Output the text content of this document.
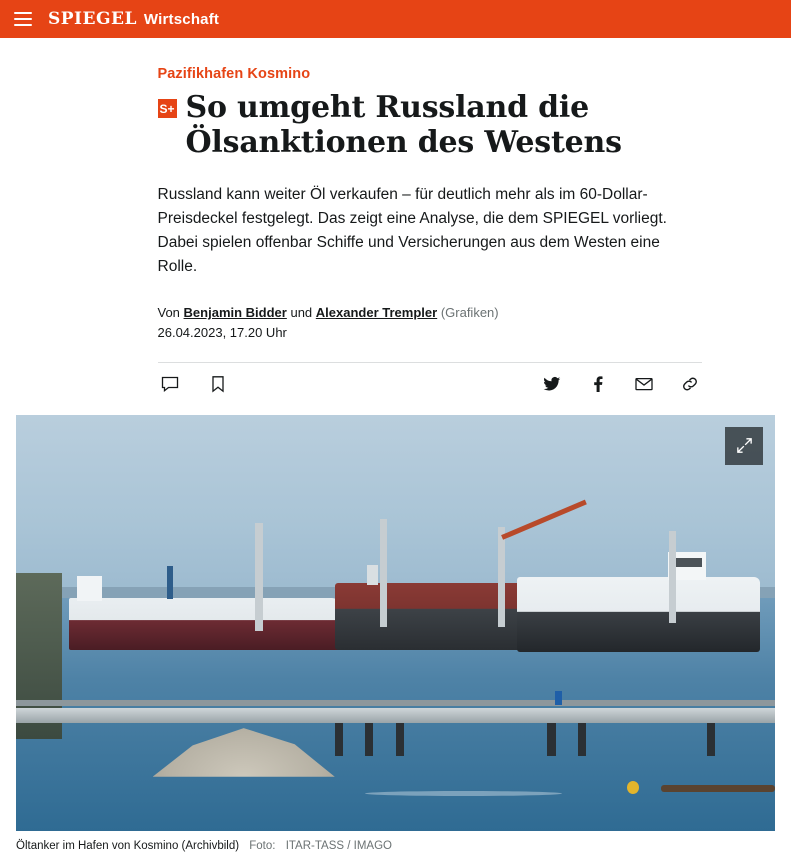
SPIEGEL Wirtschaft
Pazifikhafen Kosmino
S+ So umgeht Russland die Ölsanktionen des Westens

Russland kann weiter Öl verkaufen – für deutlich mehr als im 60-Dollar-Preisdeckel festgelegt. Das zeigt eine Analyse, die dem SPIEGEL vorliegt. Dabei spielen offenbar Schiffe und Versicherungen aus dem Westen eine Rolle.

Von Benjamin Bidder und Alexander Trempler (Grafiken)
26.04.2023, 17.20 Uhr
Öltanker im Hafen von Kosmino (Archivbild) Foto: ITAR-TASS / IMAGO
